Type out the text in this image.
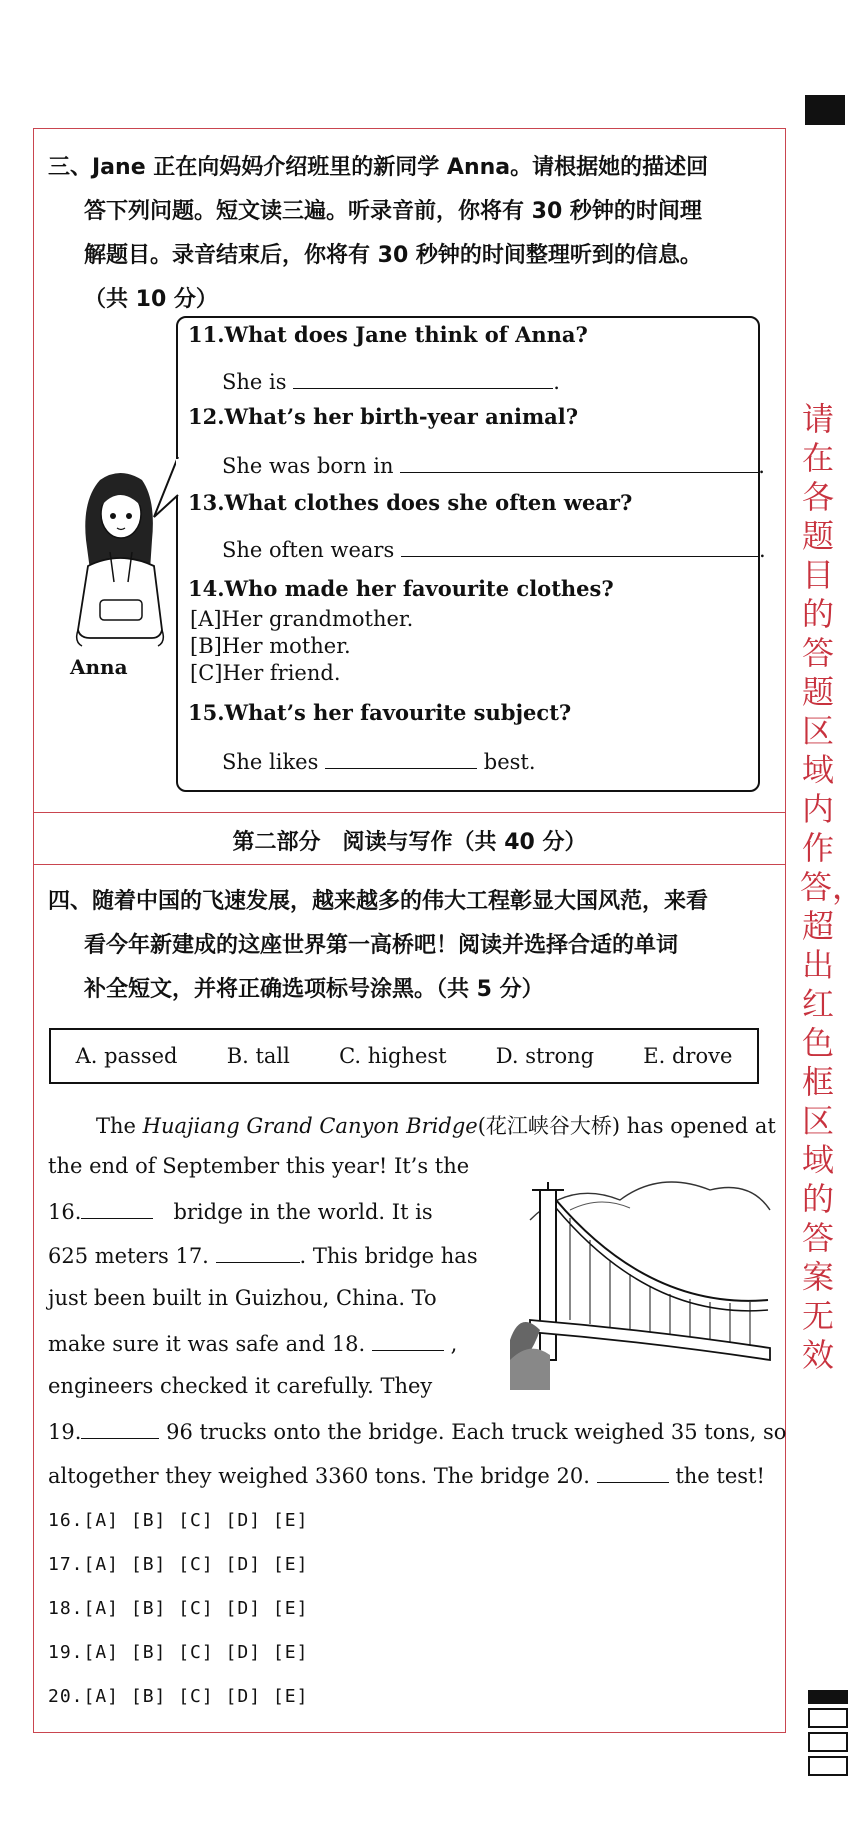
请在各题目的答题区域内作答，超出红色框区域的答案无效
三、Jane 正在向妈妈介绍班里的新同学 Anna。请根据她的描述回
答下列问题。短文读三遍。听录音前，你将有 30 秒钟的时间理
解题目。录音结束后，你将有 30 秒钟的时间整理听到的信息。
（共 10 分）
11.What does Jane think of Anna?
She is	.
12.What’s her birth-year animal?
She was born in	.
13.What clothes does she often wear?
She often wears	.
14.Who made her favourite clothes?
[A]Her grandmother.
[B]Her mother.
[C]Her friend.
15.What’s her favourite subject?
She likes	best.
Anna
第二部分　阅读与写作（共 40 分）
四、随着中国的飞速发展，越来越多的伟大工程彰显大国风范，来看
看今年新建成的这座世界第一高桥吧！阅读并选择合适的单词
补全短文，并将正确选项标号涂黑。（共 5 分）
A. passed B. tall C. highest D. strong E. drove
The Huajiang Grand Canyon Bridge(花江峡谷大桥) has opened at
the end of September this year! It’s the
16.	bridge in the world. It is
625 meters 17.	. This bridge has
just been built in Guizhou, China. To
make sure it was safe and 18.	,
engineers checked it carefully. They
19.	96 trucks onto the bridge. Each truck weighed 35 tons, so
altogether they weighed 3360 tons. The bridge 20.	the test!
16.[A] [B] [C] [D] [E]
17.[A] [B] [C] [D] [E]
18.[A] [B] [C] [D] [E]
19.[A] [B] [C] [D] [E]
20.[A] [B] [C] [D] [E]
